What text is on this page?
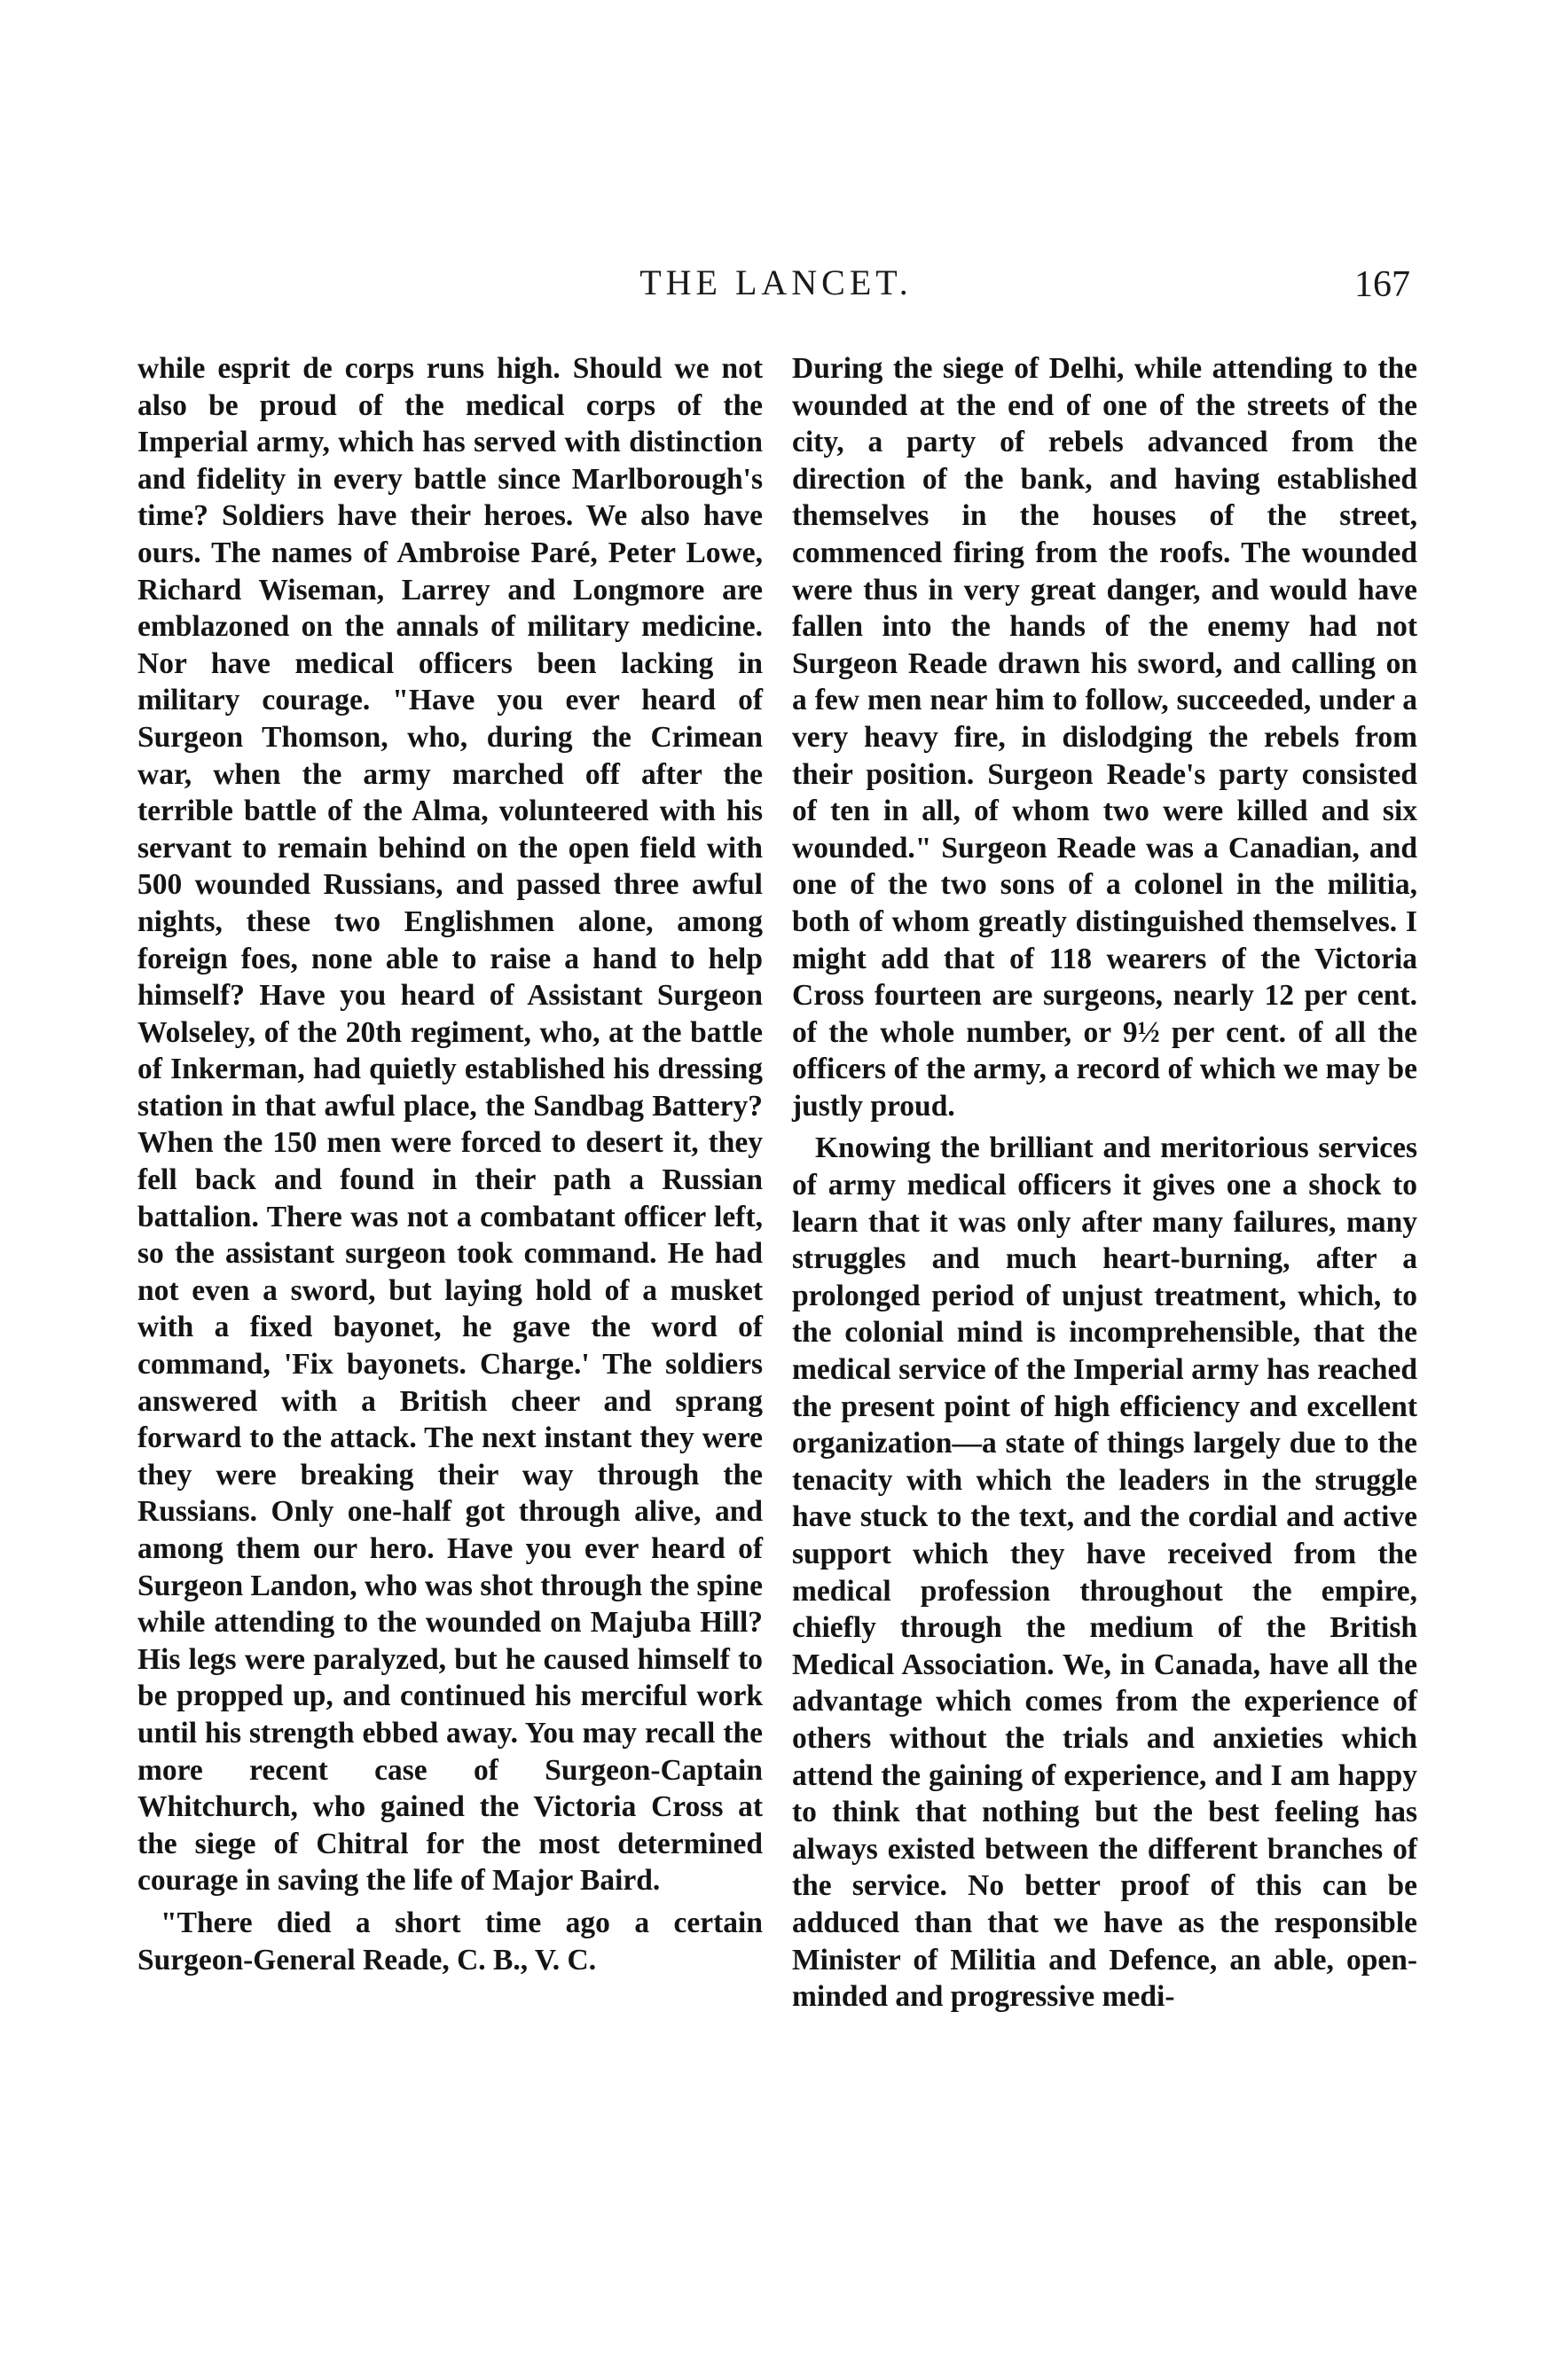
THE LANCET.	167

while esprit de corps runs high. Should we not also be proud of the medical corps of the Imperial army, which has served with distinction and fidelity in every battle since Marlborough's time? Soldiers have their heroes. We also have ours. The names of Ambroise Paré, Peter Lowe, Richard Wiseman, Larrey and Longmore are emblazoned on the annals of military medicine. Nor have medical officers been lacking in military courage. "Have you ever heard of Surgeon Thomson, who, during the Crimean war, when the army marched off after the terrible battle of the Alma, volunteered with his servant to remain behind on the open field with 500 wounded Russians, and passed three awful nights, these two Englishmen alone, among foreign foes, none able to raise a hand to help himself? Have you heard of Assistant Surgeon Wolseley, of the 20th regiment, who, at the battle of Inkerman, had quietly established his dressing station in that awful place, the Sandbag Battery? When the 150 men were forced to desert it, they fell back and found in their path a Russian battalion. There was not a combatant officer left, so the assistant surgeon took command. He had not even a sword, but laying hold of a musket with a fixed bayonet, he gave the word of command, 'Fix bayonets. Charge.' The soldiers answered with a British cheer and sprang forward to the attack. The next instant they were they were breaking their way through the Russians. Only one-half got through alive, and among them our hero. Have you ever heard of Surgeon Landon, who was shot through the spine while attending to the wounded on Majuba Hill? His legs were paralyzed, but he caused himself to be propped up, and continued his merciful work until his strength ebbed away. You may recall the more recent case of Surgeon-Captain Whitchurch, who gained the Victoria Cross at the siege of Chitral for the most determined courage in saving the life of Major Baird.

"There died a short time ago a certain Surgeon-General Reade, C. B., V. C.

During the siege of Delhi, while attending to the wounded at the end of one of the streets of the city, a party of rebels advanced from the direction of the bank, and having established themselves in the houses of the street, commenced firing from the roofs. The wounded were thus in very great danger, and would have fallen into the hands of the enemy had not Surgeon Reade drawn his sword, and calling on a few men near him to follow, succeeded, under a very heavy fire, in dislodging the rebels from their position. Surgeon Reade's party consisted of ten in all, of whom two were killed and six wounded." Surgeon Reade was a Canadian, and one of the two sons of a colonel in the militia, both of whom greatly distinguished themselves. I might add that of 118 wearers of the Victoria Cross fourteen are surgeons, nearly 12 per cent. of the whole number, or 9½ per cent. of all the officers of the army, a record of which we may be justly proud.

Knowing the brilliant and meritorious services of army medical officers it gives one a shock to learn that it was only after many failures, many struggles and much heart-burning, after a prolonged period of unjust treatment, which, to the colonial mind is incomprehensible, that the medical service of the Imperial army has reached the present point of high efficiency and excellent organization—a state of things largely due to the tenacity with which the leaders in the struggle have stuck to the text, and the cordial and active support which they have received from the medical profession throughout the empire, chiefly through the medium of the British Medical Association. We, in Canada, have all the advantage which comes from the experience of others without the trials and anxieties which attend the gaining of experience, and I am happy to think that nothing but the best feeling has always existed between the different branches of the service. No better proof of this can be adduced than that we have as the responsible Minister of Militia and Defence, an able, open-minded and progressive medi-
